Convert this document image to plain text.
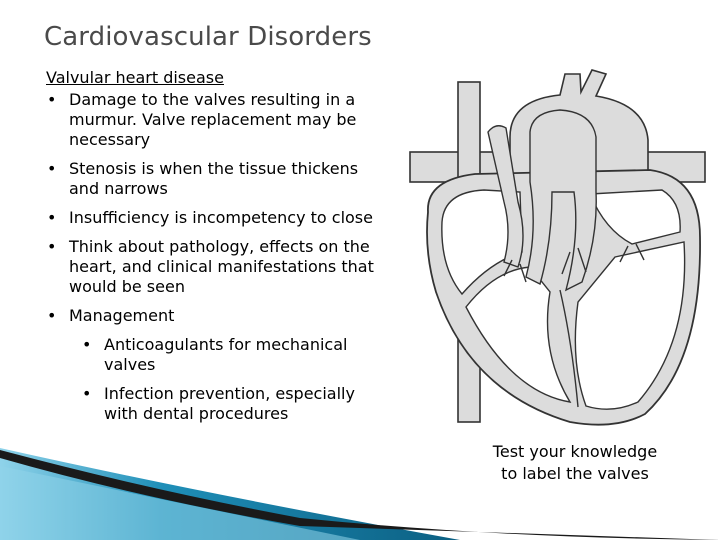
Cardiovascular Disorders
Valvular heart disease
• Damage to the valves resulting in a murmur. Valve replacement may be necessary
• Stenosis is when the tissue thickens and narrows
• Insufficiency is incompetency to close
• Think about pathology, effects on the heart, and clinical manifestations that would be seen
• Management
• Anticoagulants for mechanical valves
• Infection prevention, especially with dental procedures
Test your knowledge
to label the valves
